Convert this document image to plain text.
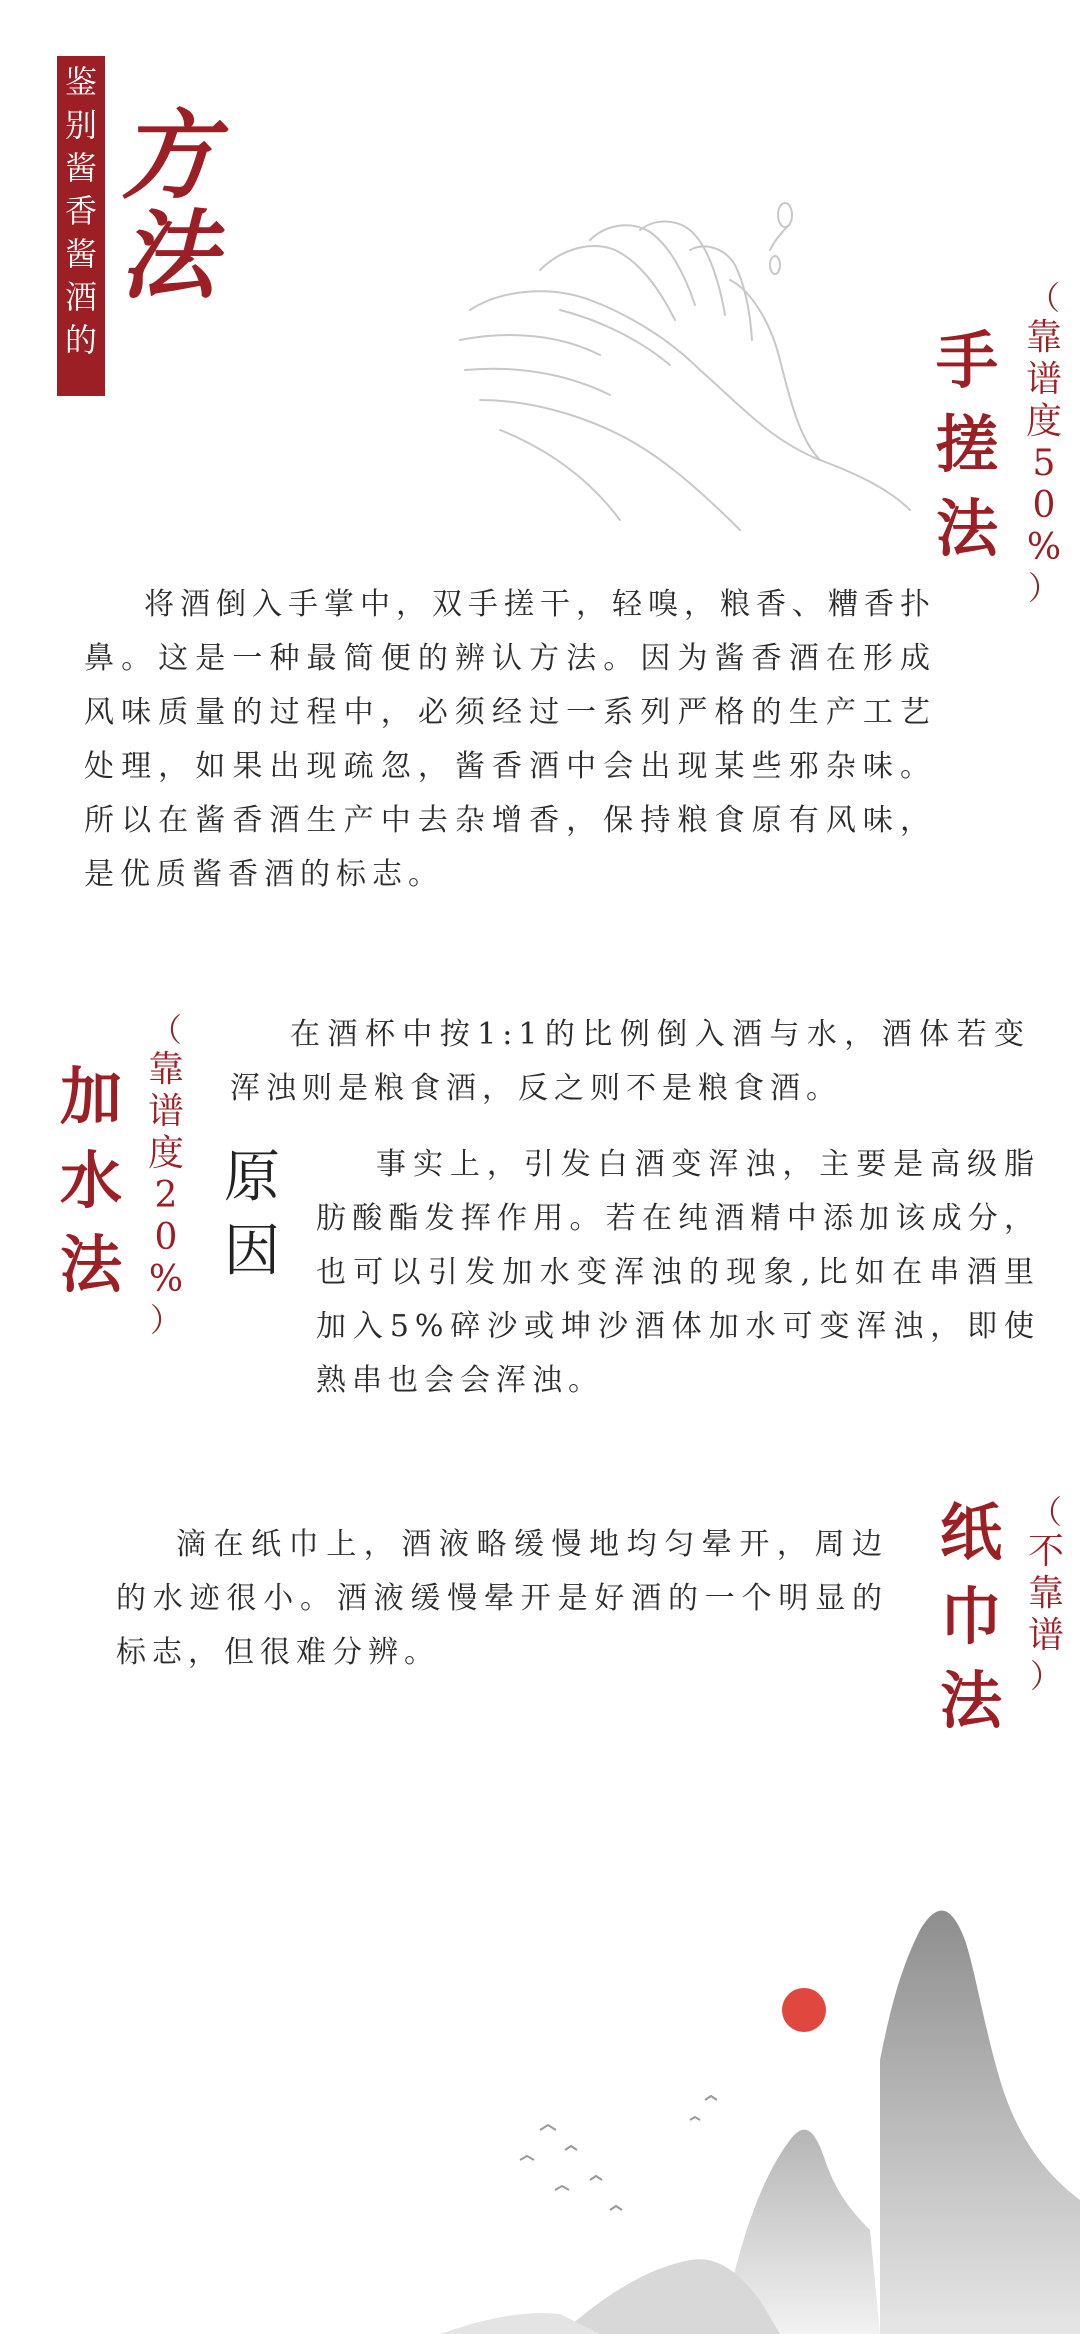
鉴
别
酱
香
酱
酒
的
方
法
手
搓
法
（
靠
谱
度
5
0
%
）

将酒倒入手掌中，双手搓干，轻嗅，粮香、糟香扑鼻。这是一种最简便的辨认方法。因为酱香酒在形成风味质量的过程中，必须经过一系列严格的生产工艺处理，如果出现疏忽，酱香酒中会出现某些邪杂味。所以在酱香酒生产中去杂增香，保持粮食原有风味，是优质酱香酒的标志。

加
水
法
（
靠
谱
度
2
0
%
）

在酒杯中按1:1的比例倒入酒与水，酒体若变浑浊则是粮食酒，反之则不是粮食酒。

原
因

事实上，引发白酒变浑浊，主要是高级脂肪酸酯发挥作用。若在纯酒精中添加该成分，也可以引发加水变浑浊的现象,比如在串酒里加入5%碎沙或坤沙酒体加水可变浑浊，即使熟串也会会浑浊。

纸
巾
法
（
不
靠
谱
）

滴在纸巾上，酒液略缓慢地均匀晕开，周边的水迹很小。酒液缓慢晕开是好酒的一个明显的标志，但很难分辨。
